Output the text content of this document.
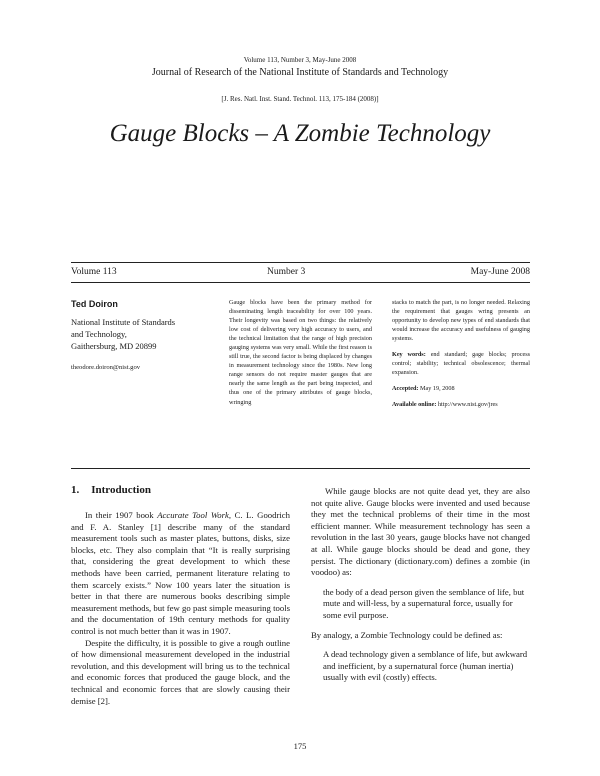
Volume 113, Number 3, May-June 2008
Journal of Research of the National Institute of Standards and Technology
[J. Res. Natl. Inst. Stand. Technol. 113, 175-184 (2008)]
Gauge Blocks – A Zombie Technology
Volume 113	Number 3	May-June 2008
Ted Doiron
National Institute of Standards
and Technology,
Gaithersburg, MD 20899
theodore.doiron@nist.gov

Gauge blocks have been the primary method for disseminating length traceability for over 100 years. Their longevity was based on two things: the relatively low cost of delivering very high accuracy to users, and the technical limitation that the range of high precision gauging systems was very small. While the first reason is still true, the second factor is being displaced by changes in measurement technology since the 1980s. New long range sensors do not require master gauges that are nearly the same length as the part being inspected, and thus one of the primary attributes of gauge blocks, wringing

stacks to match the part, is no longer needed. Relaxing the requirement that gauges wring presents an opportunity to develop new types of end standards that would increase the accuracy and usefulness of gauging systems.

Key words: end standard; gage blocks; process control; stability; technical obsolescence; thermal expansion.

Accepted: May 19, 2008

Available online: http://www.nist.gov/jres

1. Introduction

In their 1907 book Accurate Tool Work, C. L. Goodrich and F. A. Stanley [1] describe many of the standard measurement tools such as master plates, buttons, disks, size blocks, etc. They also complain that “It is really surprising that, considering the great development to which these methods have been carried, permanent literature relating to them scarcely exists.” Now 100 years later the situation is better in that there are numerous books describing simple measurement methods, but few go past simple measuring tools and the documentation of 19th century methods for quality control is not much better than it was in 1907.

Despite the difficulty, it is possible to give a rough outline of how dimensional measurement developed in the industrial revolution, and this development will bring us to the technical and economic forces that produced the gauge block, and the technical and economic forces that are slowly causing their demise [2].

While gauge blocks are not quite dead yet, they are also not quite alive. Gauge blocks were invented and used because they met the technical problems of their time in the most efficient manner. While measurement technology has seen a revolution in the last 30 years, gauge blocks have not changed at all. While gauge blocks should be dead and gone, they persist. The dictionary (dictionary.com) defines a zombie (in voodoo) as:

the body of a dead person given the semblance of life, but mute and will-less, by a supernatural force, usually for some evil purpose.

By analogy, a Zombie Technology could be defined as:

A dead technology given a semblance of life, but awkward and inefficient, by a supernatural force (human inertia) usually with evil (costly) effects.

175
